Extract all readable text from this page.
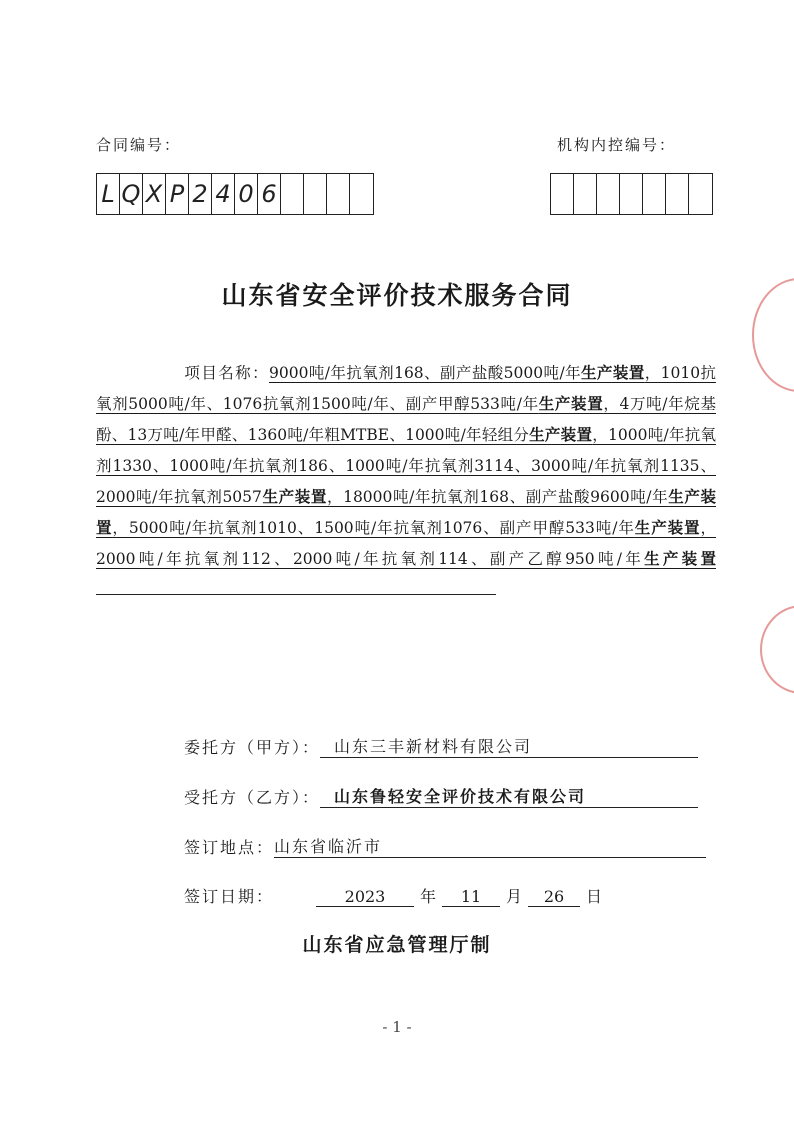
合同编号：	机构内控编号：
L Q X P 2 4 0 6
山东省安全评价技术服务合同
项目名称：9000吨/年抗氧剂168、副产盐酸5000吨/年生产装置，1010抗氧剂5000吨/年、1076抗氧剂1500吨/年、副产甲醇533吨/年生产装置，4万吨/年烷基酚、13万吨/年甲醛、1360吨/年粗MTBE、1000吨/年轻组分生产装置，1000吨/年抗氧剂1330、1000吨/年抗氧剂186、1000吨/年抗氧剂3114、3000吨/年抗氧剂1135、2000吨/年抗氧剂5057生产装置，18000吨/年抗氧剂168、副产盐酸9600吨/年生产装置，5000吨/年抗氧剂1010、1500吨/年抗氧剂1076、副产甲醇533吨/年生产装置，2000吨/年抗氧剂112、2000吨/年抗氧剂114、副产乙醇950吨/年生产装置
委托方（甲方）： 山东三丰新材料有限公司
受托方（乙方）： 山东鲁轻安全评价技术有限公司
签订地点： 山东省临沂市
签订日期：	2023	年	11	月	26	日
山东省应急管理厅制
- 1 -
